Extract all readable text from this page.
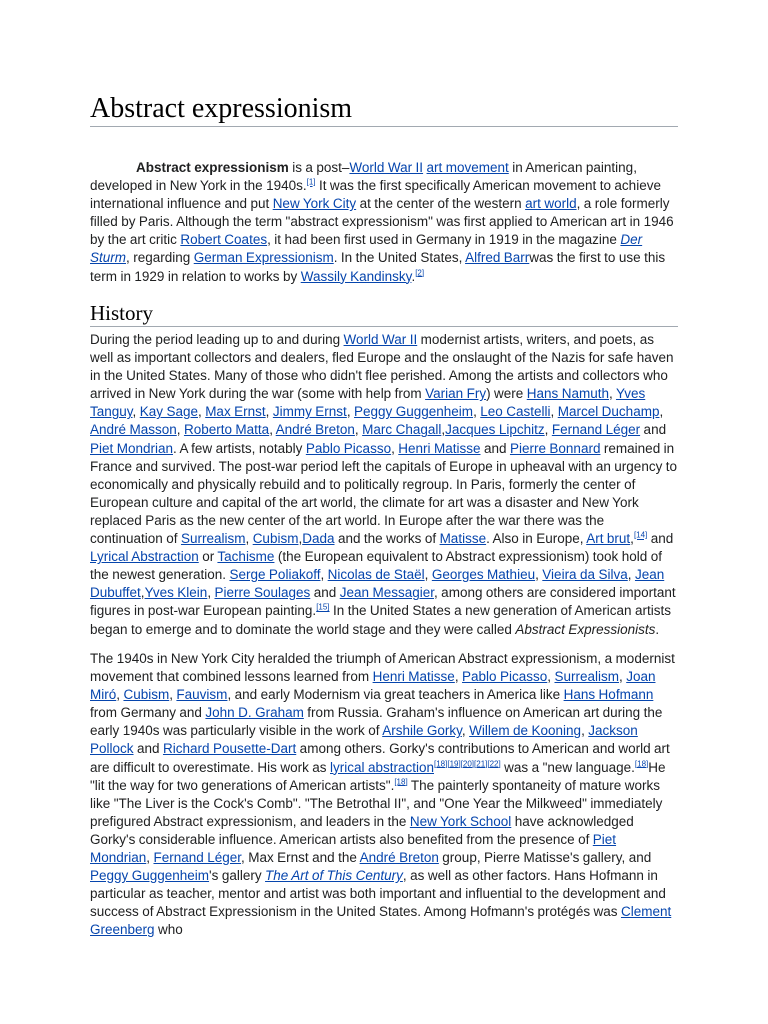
Abstract expressionism

Abstract expressionism is a post–World War II art movement in American painting, developed in New York in the 1940s.[1] It was the first specifically American movement to achieve international influence and put New York City at the center of the western art world, a role formerly filled by Paris. Although the term "abstract expressionism" was first applied to American art in 1946 by the art critic Robert Coates, it had been first used in Germany in 1919 in the magazine Der Sturm, regarding German Expressionism. In the United States, Alfred Barrwas the first to use this term in 1929 in relation to works by Wassily Kandinsky.[2]

History

During the period leading up to and during World War II modernist artists, writers, and poets, as well as important collectors and dealers, fled Europe and the onslaught of the Nazis for safe haven in the United States. Many of those who didn't flee perished. Among the artists and collectors who arrived in New York during the war (some with help from Varian Fry) were Hans Namuth, Yves Tanguy, Kay Sage, Max Ernst, Jimmy Ernst, Peggy Guggenheim, Leo Castelli, Marcel Duchamp, André Masson, Roberto Matta, André Breton, Marc Chagall,Jacques Lipchitz, Fernand Léger and Piet Mondrian. A few artists, notably Pablo Picasso, Henri Matisse and Pierre Bonnard remained in France and survived. The post-war period left the capitals of Europe in upheaval with an urgency to economically and physically rebuild and to politically regroup. In Paris, formerly the center of European culture and capital of the art world, the climate for art was a disaster and New York replaced Paris as the new center of the art world. In Europe after the war there was the continuation of Surrealism, Cubism,Dada and the works of Matisse. Also in Europe, Art brut,[14] and Lyrical Abstraction or Tachisme (the European equivalent to Abstract expressionism) took hold of the newest generation. Serge Poliakoff, Nicolas de Staël, Georges Mathieu, Vieira da Silva, Jean Dubuffet,Yves Klein, Pierre Soulages and Jean Messagier, among others are considered important figures in post-war European painting.[15] In the United States a new generation of American artists began to emerge and to dominate the world stage and they were called Abstract Expressionists.

The 1940s in New York City heralded the triumph of American Abstract expressionism, a modernist movement that combined lessons learned from Henri Matisse, Pablo Picasso, Surrealism, Joan Miró, Cubism, Fauvism, and early Modernism via great teachers in America like Hans Hofmann from Germany and John D. Graham from Russia. Graham's influence on American art during the early 1940s was particularly visible in the work of Arshile Gorky, Willem de Kooning, Jackson Pollock and Richard Pousette-Dart among others. Gorky's contributions to American and world art are difficult to overestimate. His work as lyrical abstraction[18][19][20][21][22] was a "new language.[18]He "lit the way for two generations of American artists".[18] The painterly spontaneity of mature works like "The Liver is the Cock's Comb". "The Betrothal II", and "One Year the Milkweed" immediately prefigured Abstract expressionism, and leaders in the New York School have acknowledged Gorky's considerable influence. American artists also benefited from the presence of Piet Mondrian, Fernand Léger, Max Ernst and the André Breton group, Pierre Matisse's gallery, and Peggy Guggenheim's gallery The Art of This Century, as well as other factors. Hans Hofmann in particular as teacher, mentor and artist was both important and influential to the development and success of Abstract Expressionism in the United States. Among Hofmann's protégés was Clement Greenberg who
